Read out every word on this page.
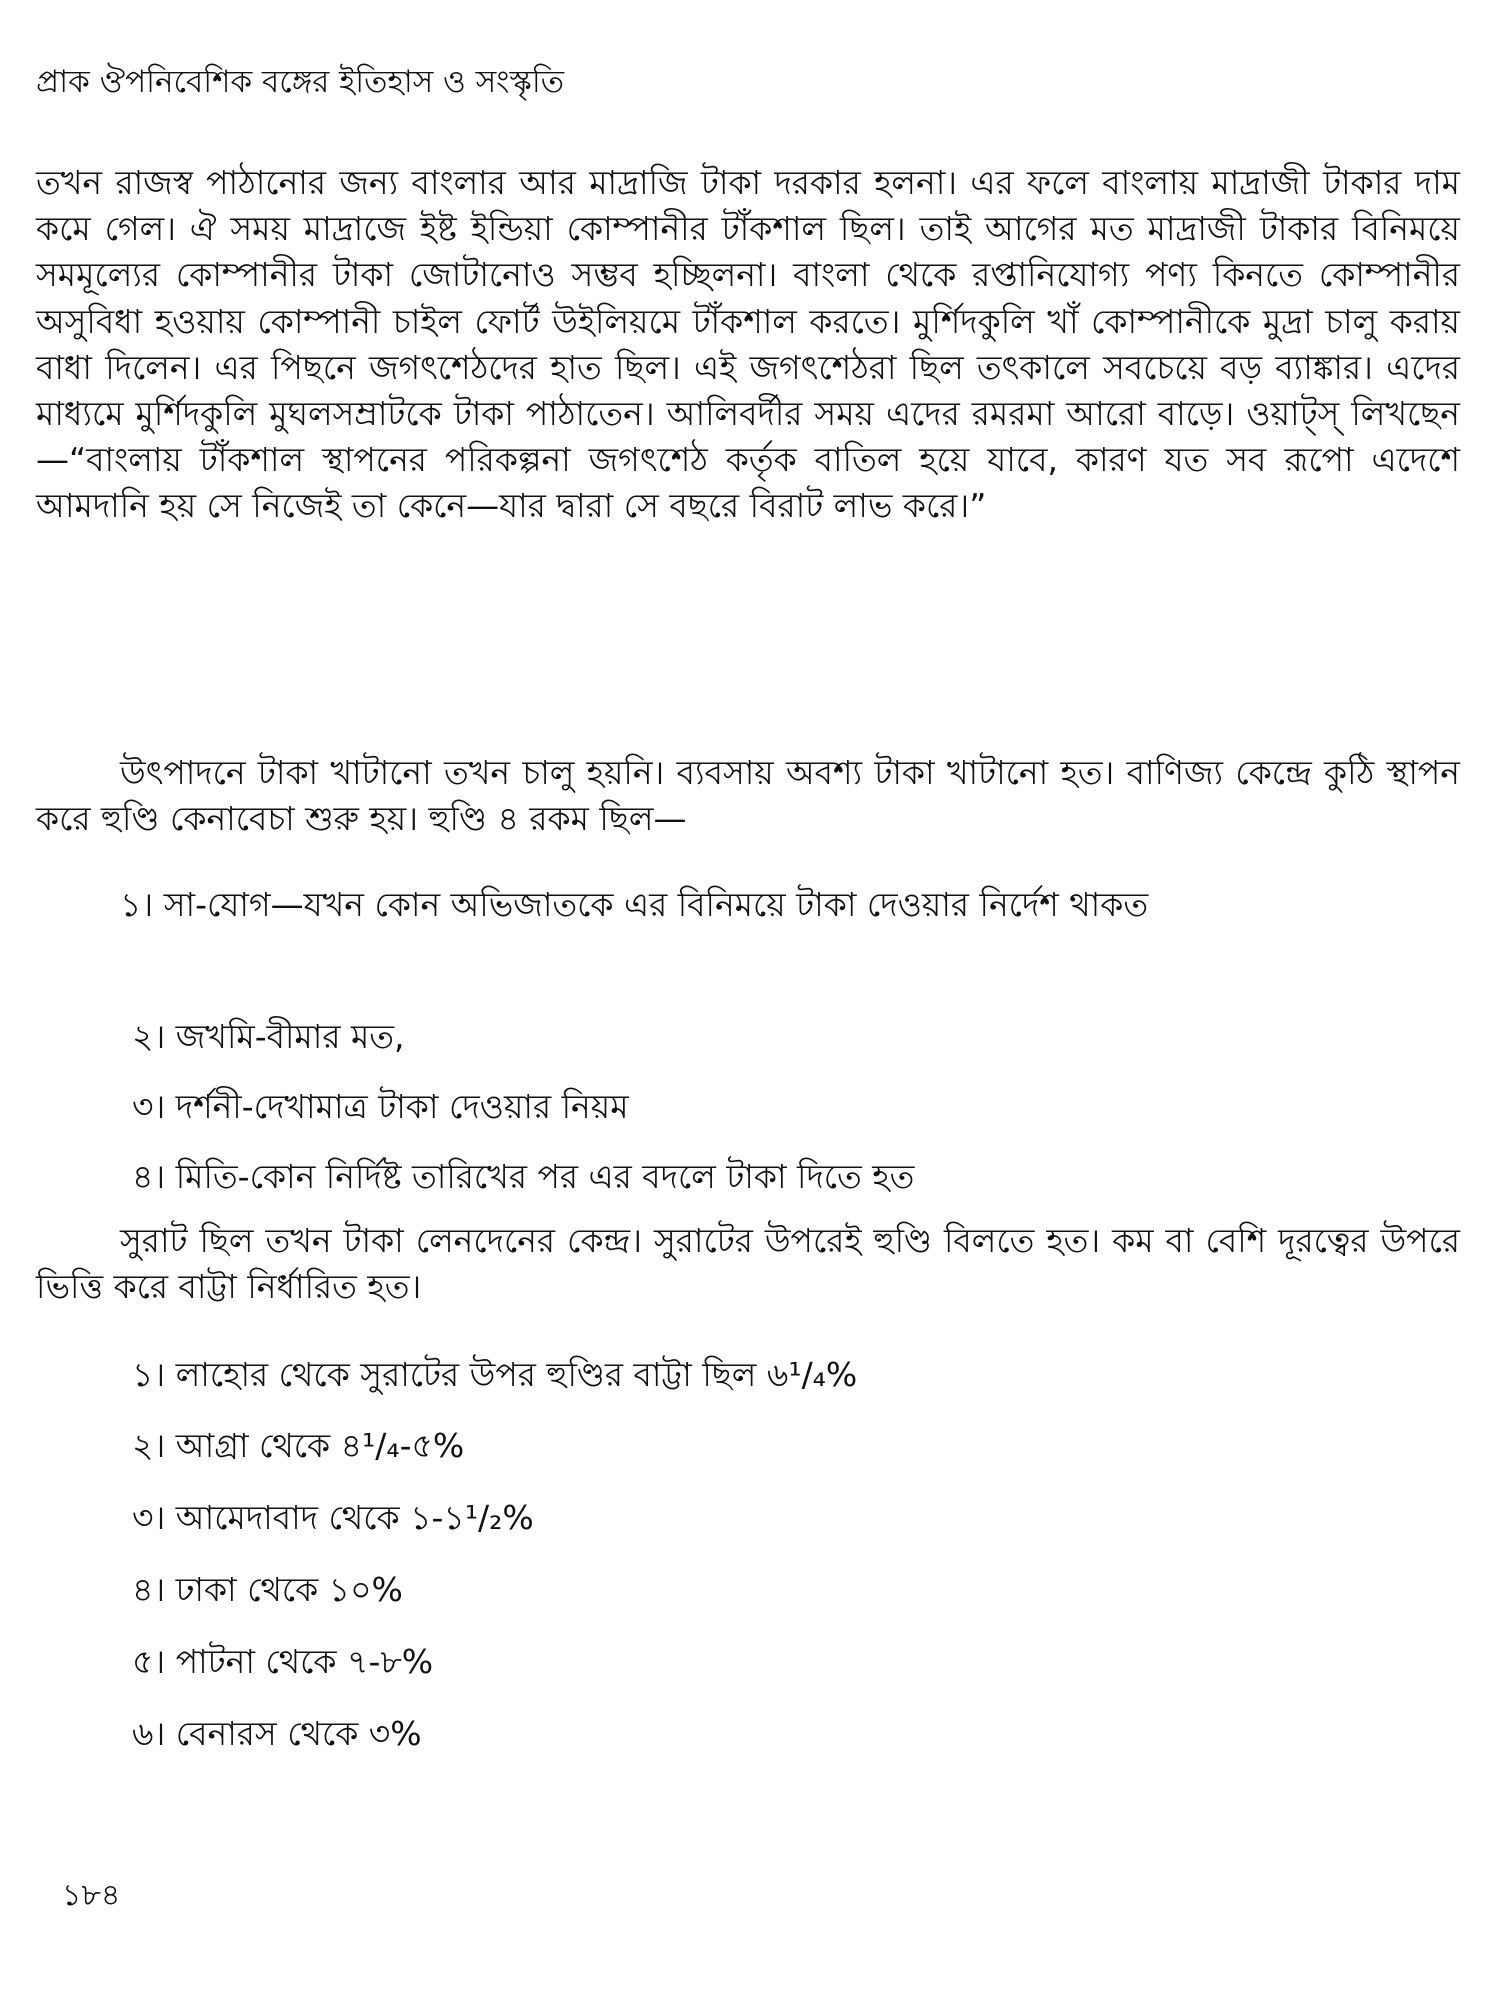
প্রাক ঔপনিবেশিক বঙ্গের ইতিহাস ও সংস্কৃতি

তখন রাজস্ব পাঠানোর জন্য বাংলার আর মাদ্রাজি টাকা দরকার হলনা। এর ফলে বাংলায় মাদ্রাজী টাকার দাম কমে গেল। ঐ সময় মাদ্রাজে ইষ্ট ইন্ডিয়া কোম্পানীর টাঁকশাল ছিল। তাই আগের মত মাদ্রাজী টাকার বিনিময়ে সমমূল্যের কোম্পানীর টাকা জোটানোও সম্ভব হচ্ছিলনা। বাংলা থেকে রপ্তানিযোগ্য পণ্য কিনতে কোম্পানীর অসুবিধা হওয়ায় কোম্পানী চাইল ফোর্ট উইলিয়মে টাঁকশাল করতে। মুর্শিদকুলি খাঁ কোম্পানীকে মুদ্রা চালু করায় বাধা দিলেন। এর পিছনে জগৎশেঠদের হাত ছিল। এই জগৎশেঠরা ছিল তৎকালে সবচেয়ে বড় ব্যাঙ্কার। এদের মাধ্যমে মুর্শিদকুলি মুঘলসম্রাটকে টাকা পাঠাতেন। আলিবর্দীর সময় এদের রমরমা আরো বাড়ে। ওয়াট্‌স্ লিখছেন—“বাংলায় টাঁকশাল স্থাপনের পরিকল্পনা জগৎশেঠ কর্তৃক বাতিল হয়ে যাবে, কারণ যত সব রূপো এদেশে আমদানি হয় সে নিজেই তা কেনে—যার দ্বারা সে বছরে বিরাট লাভ করে।”

উৎপাদনে টাকা খাটানো তখন চালু হয়নি। ব্যবসায় অবশ্য টাকা খাটানো হত। বাণিজ্য কেন্দ্রে কুঠি স্থাপন করে হুণ্ডি কেনাবেচা শুরু হয়। হুণ্ডি ৪ রকম ছিল—

১। সা-যোগ—যখন কোন অভিজাতকে এর বিনিময়ে টাকা দেওয়ার নির্দেশ থাকত

২। জখমি-বীমার মত,
৩। দর্শনী-দেখামাত্র টাকা দেওয়ার নিয়ম
৪। মিতি-কোন নির্দিষ্ট তারিখের পর এর বদলে টাকা দিতে হত

সুরাট ছিল তখন টাকা লেনদেনের কেন্দ্র। সুরাটের উপরেই হুণ্ডি বিলতে হত। কম বা বেশি দূরত্বের উপরে ভিত্তি করে বাট্টা নির্ধারিত হত।

১। লাহোর থেকে সুরাটের উপর হুণ্ডির বাট্টা ছিল ৬¹/₄%
২। আগ্রা থেকে ৪¹/₄-৫%
৩। আমেদাবাদ থেকে ১-১¹/₂%
৪। ঢাকা থেকে ১০%
৫। পাটনা থেকে ৭-৮%
৬। বেনারস থেকে ৩%
১৮৪
